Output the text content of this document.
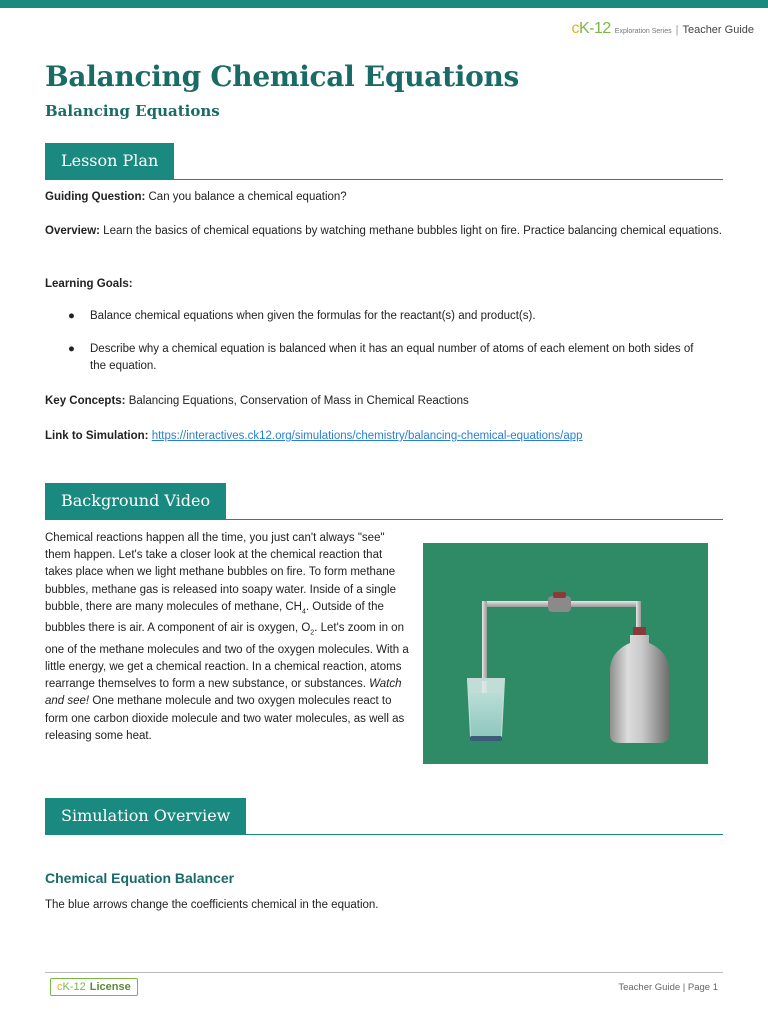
cK-12 Exploration Series | Teacher Guide
Balancing Chemical Equations
Balancing Equations
Lesson Plan
Guiding Question: Can you balance a chemical equation?
Overview: Learn the basics of chemical equations by watching methane bubbles light on fire. Practice balancing chemical equations.
Learning Goals:
● Balance chemical equations when given the formulas for the reactant(s) and product(s).
● Describe why a chemical equation is balanced when it has an equal number of atoms of each element on both sides of the equation.
Key Concepts: Balancing Equations, Conservation of Mass in Chemical Reactions
Link to Simulation: https://interactives.ck12.org/simulations/chemistry/balancing-chemical-equations/app
Background Video
Chemical reactions happen all the time, you just can't always "see" them happen. Let's take a closer look at the chemical reaction that takes place when we light methane bubbles on fire. To form methane bubbles, methane gas is released into soapy water. Inside of a single bubble, there are many molecules of methane, $CH_4$. Outside of the bubbles there is air. A component of air is oxygen, $O_2$. Let's zoom in on one of the methane molecules and two of the oxygen molecules. With a little energy, we get a chemical reaction. In a chemical reaction, atoms rearrange themselves to form a new substance, or substances. Watch and see! One methane molecule and two oxygen molecules react to form one carbon dioxide molecule and two water molecules, as well as releasing some heat.
Simulation Overview
Chemical Equation Balancer
The blue arrows change the coefficients chemical in the equation.
c K -12 License	Teacher Guide | Page 1
